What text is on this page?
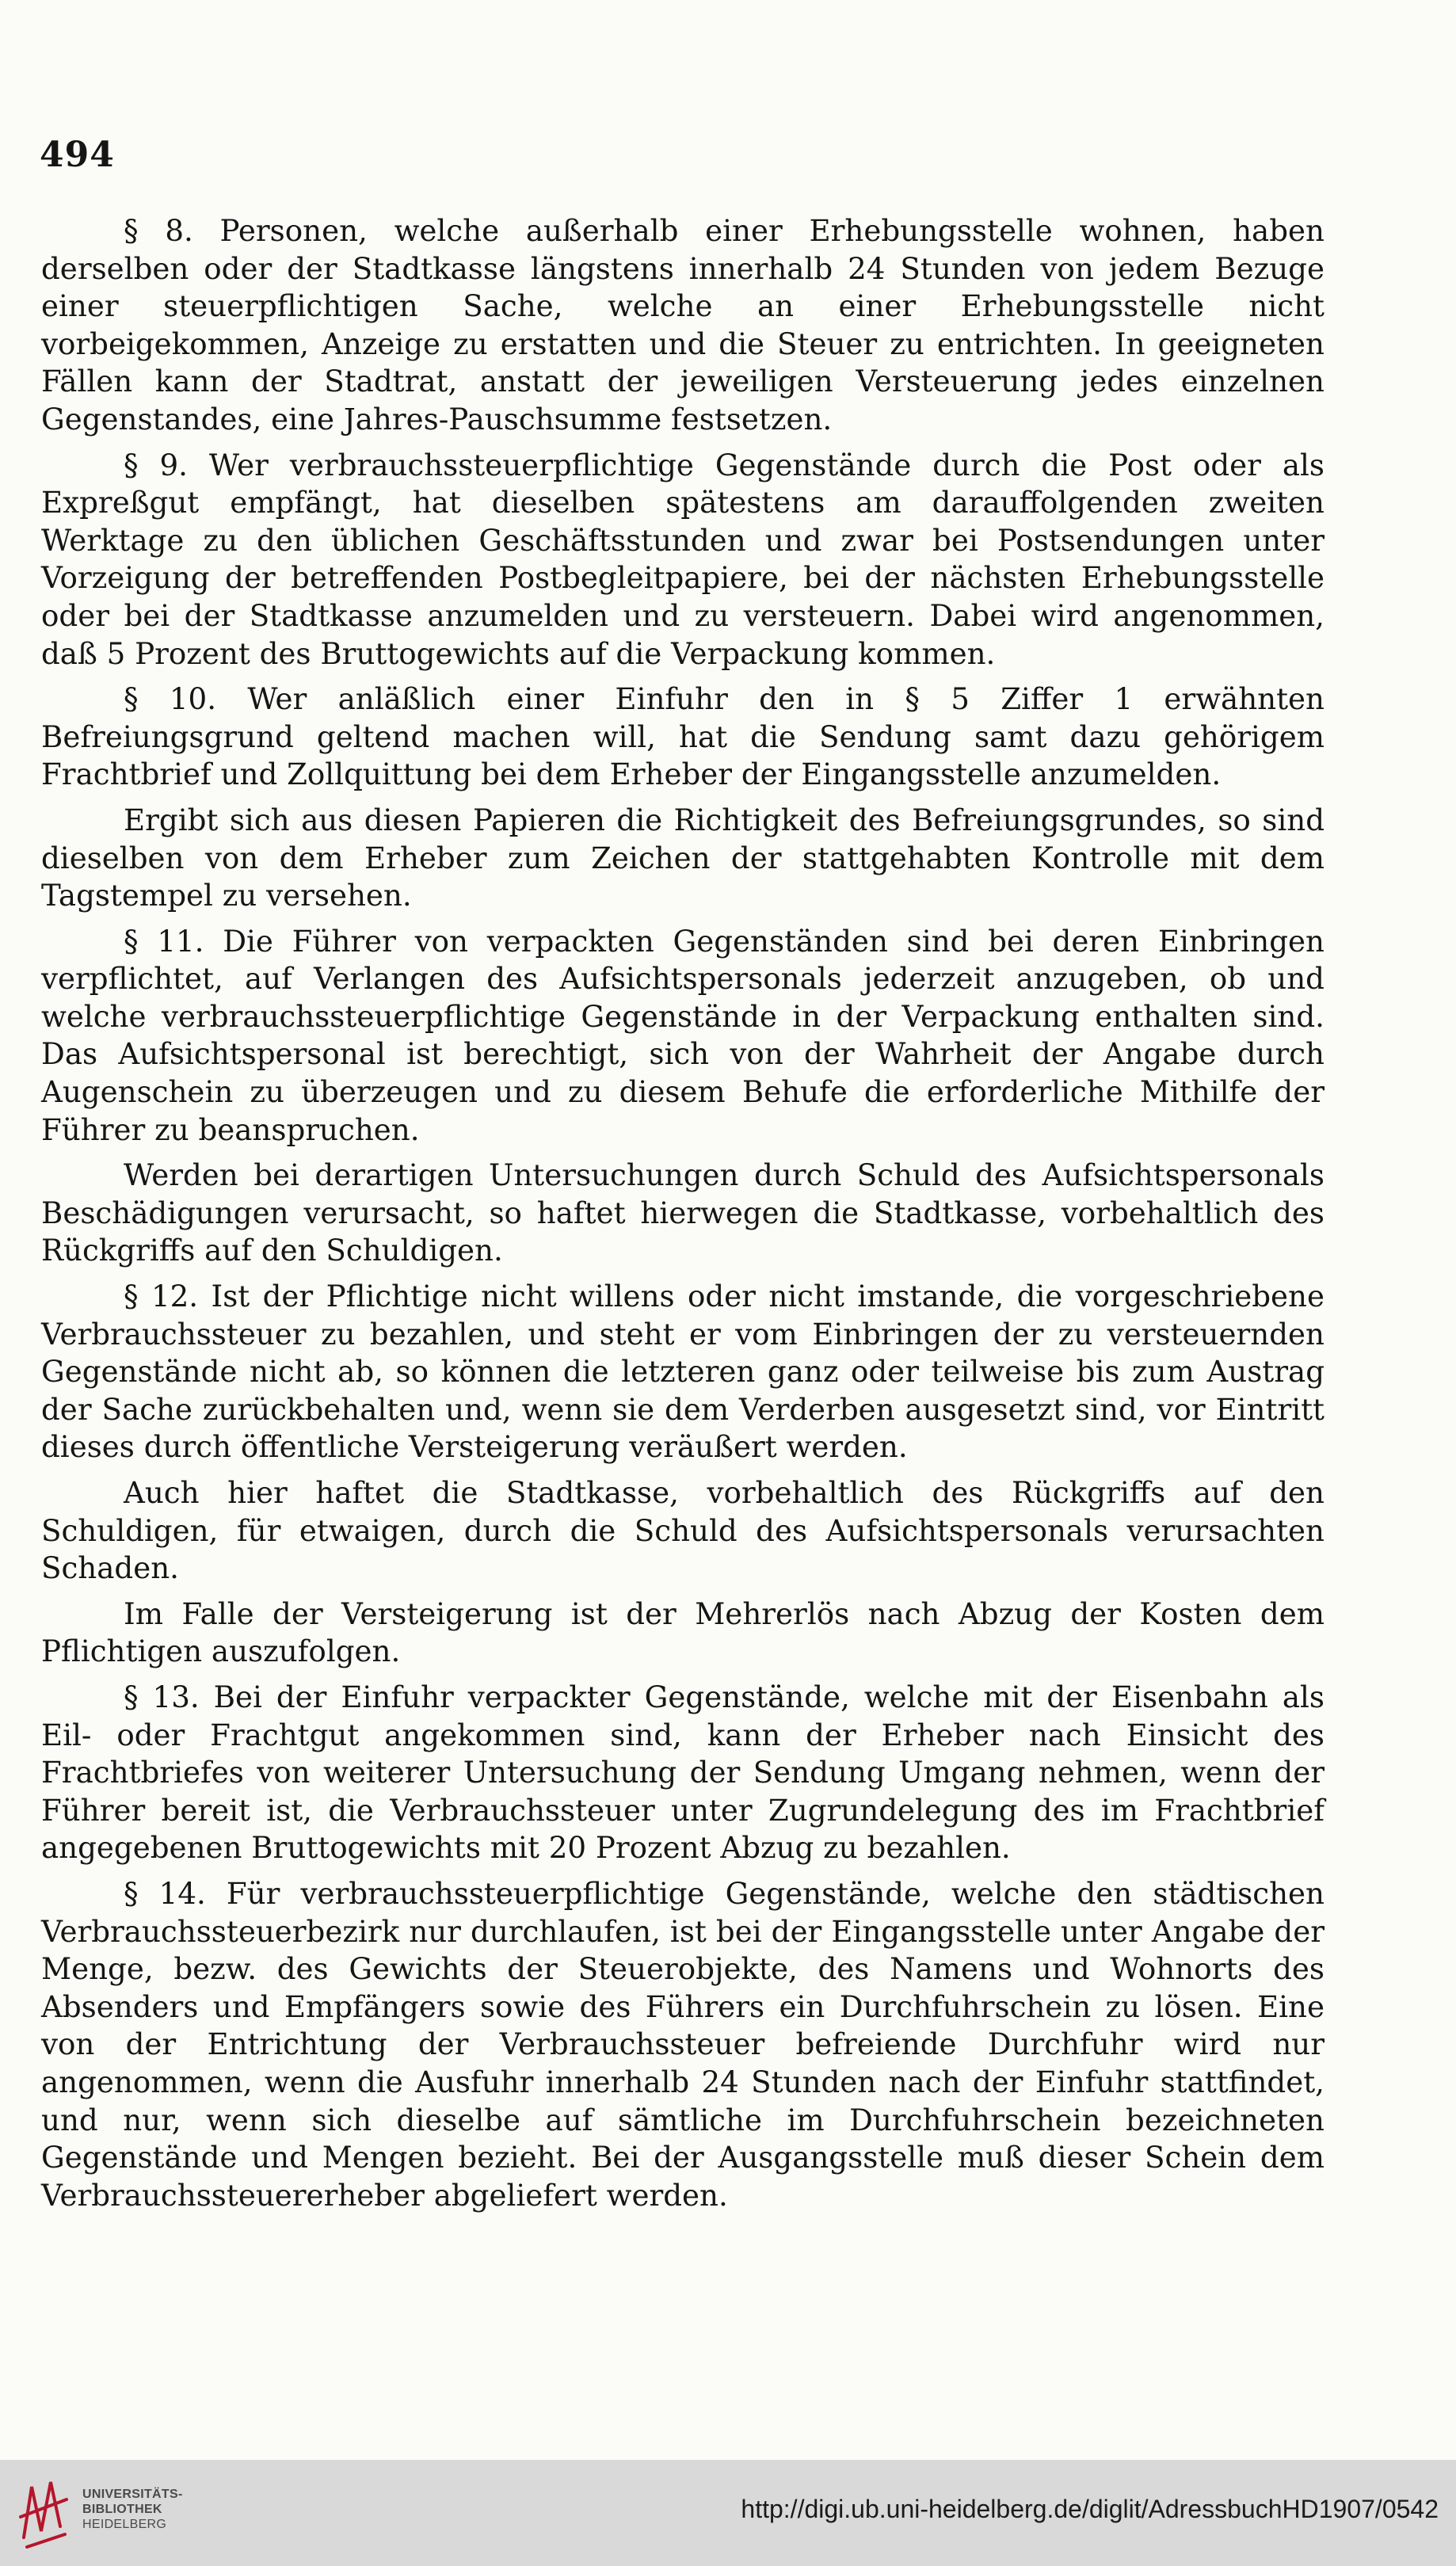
494

§ 8. Personen, welche außerhalb einer Erhebungsstelle wohnen, haben derselben oder der Stadtkasse längstens innerhalb 24 Stunden von jedem Bezuge einer steuerpflichtigen Sache, welche an einer Erhebungsstelle nicht vorbeigekommen, Anzeige zu erstatten und die Steuer zu entrichten. In geeigneten Fällen kann der Stadtrat, anstatt der jeweiligen Versteuerung jedes einzelnen Gegenstandes, eine Jahres-Pauschsumme festsetzen.

§ 9. Wer verbrauchssteuerpflichtige Gegenstände durch die Post oder als Expreßgut empfängt, hat dieselben spätestens am darauffolgenden zweiten Werktage zu den üblichen Geschäftsstunden und zwar bei Postsendungen unter Vorzeigung der betreffenden Postbegleitpapiere, bei der nächsten Erhebungsstelle oder bei der Stadtkasse anzumelden und zu versteuern. Dabei wird angenommen, daß 5 Prozent des Bruttogewichts auf die Verpackung kommen.

§ 10. Wer anläßlich einer Einfuhr den in § 5 Ziffer 1 erwähnten Befreiungsgrund geltend machen will, hat die Sendung samt dazu gehörigem Frachtbrief und Zollquittung bei dem Erheber der Eingangsstelle anzumelden.

Ergibt sich aus diesen Papieren die Richtigkeit des Befreiungsgrundes, so sind dieselben von dem Erheber zum Zeichen der stattgehabten Kontrolle mit dem Tagstempel zu versehen.

§ 11. Die Führer von verpackten Gegenständen sind bei deren Einbringen verpflichtet, auf Verlangen des Aufsichtspersonals jederzeit anzugeben, ob und welche verbrauchssteuerpflichtige Gegenstände in der Verpackung enthalten sind. Das Aufsichtspersonal ist berechtigt, sich von der Wahrheit der Angabe durch Augenschein zu überzeugen und zu diesem Behufe die erforderliche Mithilfe der Führer zu beanspruchen.

Werden bei derartigen Untersuchungen durch Schuld des Aufsichtspersonals Beschädigungen verursacht, so haftet hierwegen die Stadtkasse, vorbehaltlich des Rückgriffs auf den Schuldigen.

§ 12. Ist der Pflichtige nicht willens oder nicht imstande, die vorgeschriebene Verbrauchssteuer zu bezahlen, und steht er vom Einbringen der zu versteuernden Gegenstände nicht ab, so können die letzteren ganz oder teilweise bis zum Austrag der Sache zurückbehalten und, wenn sie dem Verderben ausgesetzt sind, vor Eintritt dieses durch öffentliche Versteigerung veräußert werden.

Auch hier haftet die Stadtkasse, vorbehaltlich des Rückgriffs auf den Schuldigen, für etwaigen, durch die Schuld des Aufsichtspersonals verursachten Schaden.

Im Falle der Versteigerung ist der Mehrerlös nach Abzug der Kosten dem Pflichtigen auszufolgen.

§ 13. Bei der Einfuhr verpackter Gegenstände, welche mit der Eisenbahn als Eil- oder Frachtgut angekommen sind, kann der Erheber nach Einsicht des Frachtbriefes von weiterer Untersuchung der Sendung Umgang nehmen, wenn der Führer bereit ist, die Verbrauchssteuer unter Zugrundelegung des im Frachtbrief angegebenen Bruttogewichts mit 20 Prozent Abzug zu bezahlen.

§ 14. Für verbrauchssteuerpflichtige Gegenstände, welche den städtischen Verbrauchssteuerbezirk nur durchlaufen, ist bei der Eingangsstelle unter Angabe der Menge, bezw. des Gewichts der Steuerobjekte, des Namens und Wohnorts des Absenders und Empfängers sowie des Führers ein Durchfuhrschein zu lösen. Eine von der Entrichtung der Verbrauchssteuer befreiende Durchfuhr wird nur angenommen, wenn die Ausfuhr innerhalb 24 Stunden nach der Einfuhr stattfindet, und nur, wenn sich dieselbe auf sämtliche im Durchfuhrschein bezeichneten Gegenstände und Mengen bezieht. Bei der Ausgangsstelle muß dieser Schein dem Verbrauchssteuererheber abgeliefert werden.

UNIVERSITÄTS-
BIBLIOTHEK
HEIDELBERG
http://digi.ub.uni-heidelberg.de/diglit/AdressbuchHD1907/0542
